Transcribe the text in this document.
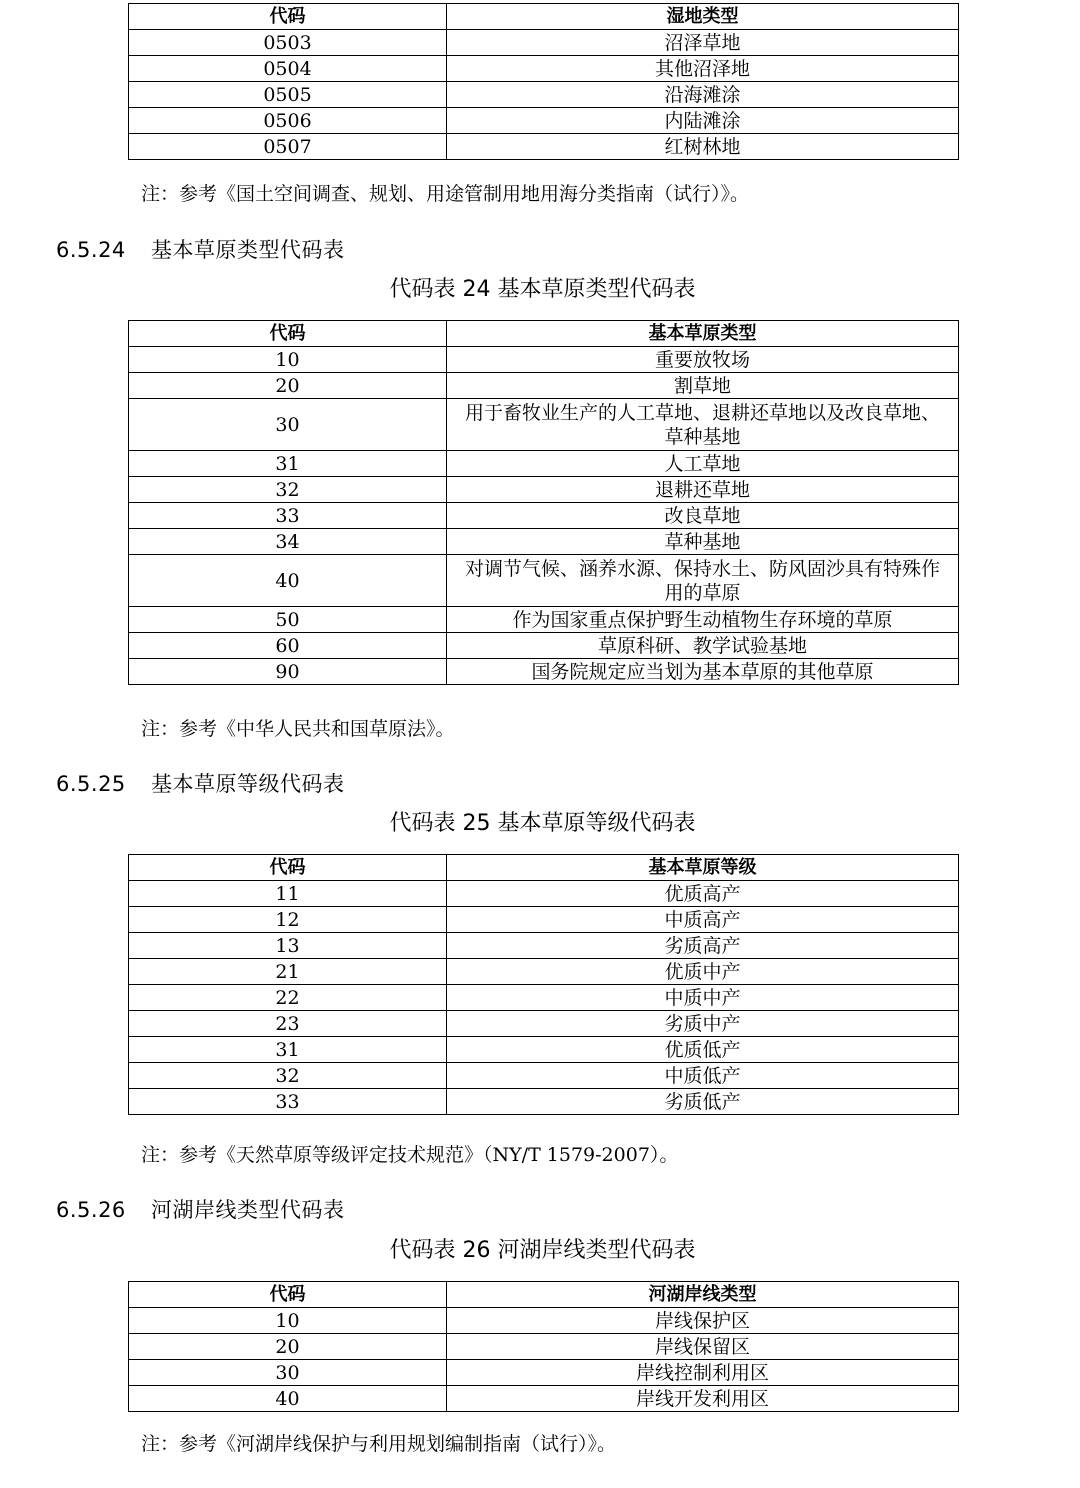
代码	湿地类型
0503	沼泽草地
0504	其他沼泽地
0505	沿海滩涂
0506	内陆滩涂
0507	红树林地
注：参考《国土空间调查、规划、用途管制用地用海分类指南（试行）》。
6.5.24 基本草原类型代码表
代码表 24 基本草原类型代码表
代码	基本草原类型
10	重要放牧场
20	割草地
30	用于畜牧业生产的人工草地、退耕还草地以及改良草地、草种基地
31	人工草地
32	退耕还草地
33	改良草地
34	草种基地
40	对调节气候、涵养水源、保持水土、防风固沙具有特殊作用的草原
50	作为国家重点保护野生动植物生存环境的草原
60	草原科研、教学试验基地
90	国务院规定应当划为基本草原的其他草原
注：参考《中华人民共和国草原法》。
6.5.25 基本草原等级代码表
代码表 25 基本草原等级代码表
代码	基本草原等级
11	优质高产
12	中质高产
13	劣质高产
21	优质中产
22	中质中产
23	劣质中产
31	优质低产
32	中质低产
33	劣质低产
注：参考《天然草原等级评定技术规范》（NY/T 1579-2007）。
6.5.26 河湖岸线类型代码表
代码表 26 河湖岸线类型代码表
代码	河湖岸线类型
10	岸线保护区
20	岸线保留区
30	岸线控制利用区
40	岸线开发利用区
注：参考《河湖岸线保护与利用规划编制指南（试行）》。
